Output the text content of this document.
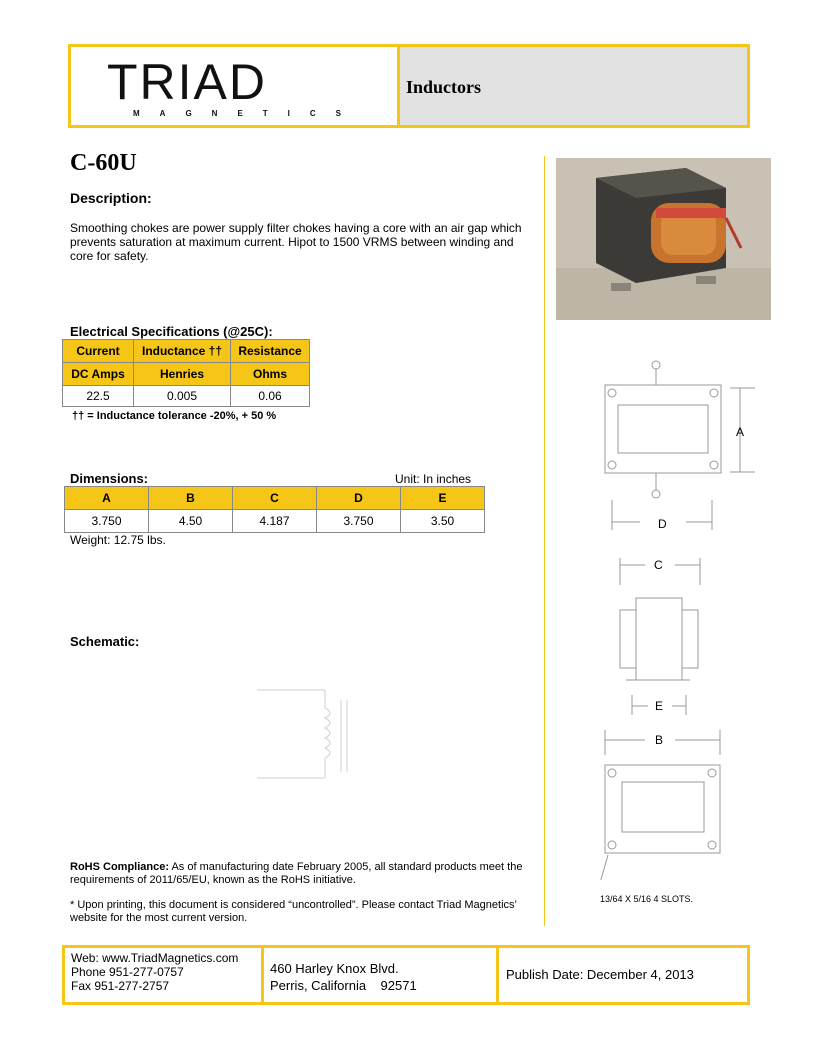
TRIAD
MAGNETICS
Inductors
C-60U
Description:
Smoothing chokes are power supply filter chokes having a core with an air gap which prevents saturation at maximum current. Hipot to 1500 VRMS between winding and core for safety.
Electrical Specifications (@25C):
Current	Inductance ††	Resistance
DC Amps	Henries	Ohms
22.5	0.005	0.06
†† = Inductance tolerance -20%, + 50 %
Dimensions:	Unit: In inches
A	B	C	D	E
3.750	4.50	4.187	3.750	3.50
Weight: 12.75 lbs.
Schematic:
RoHS Compliance: As of manufacturing date February 2005, all standard products meet the requirements of 2011/65/EU, known as the RoHS initiative.
* Upon printing, this document is considered “uncontrolled”. Please contact Triad Magnetics’ website for the most current version.
A
D
C
E
B
13/64 X 5/16 4 SLOTS.
Web: www.TriadMagnetics.com
Phone 951-277-0757
Fax 951-277-2757
460 Harley Knox Blvd.
Perris, California    92571
Publish Date: December 4, 2013
